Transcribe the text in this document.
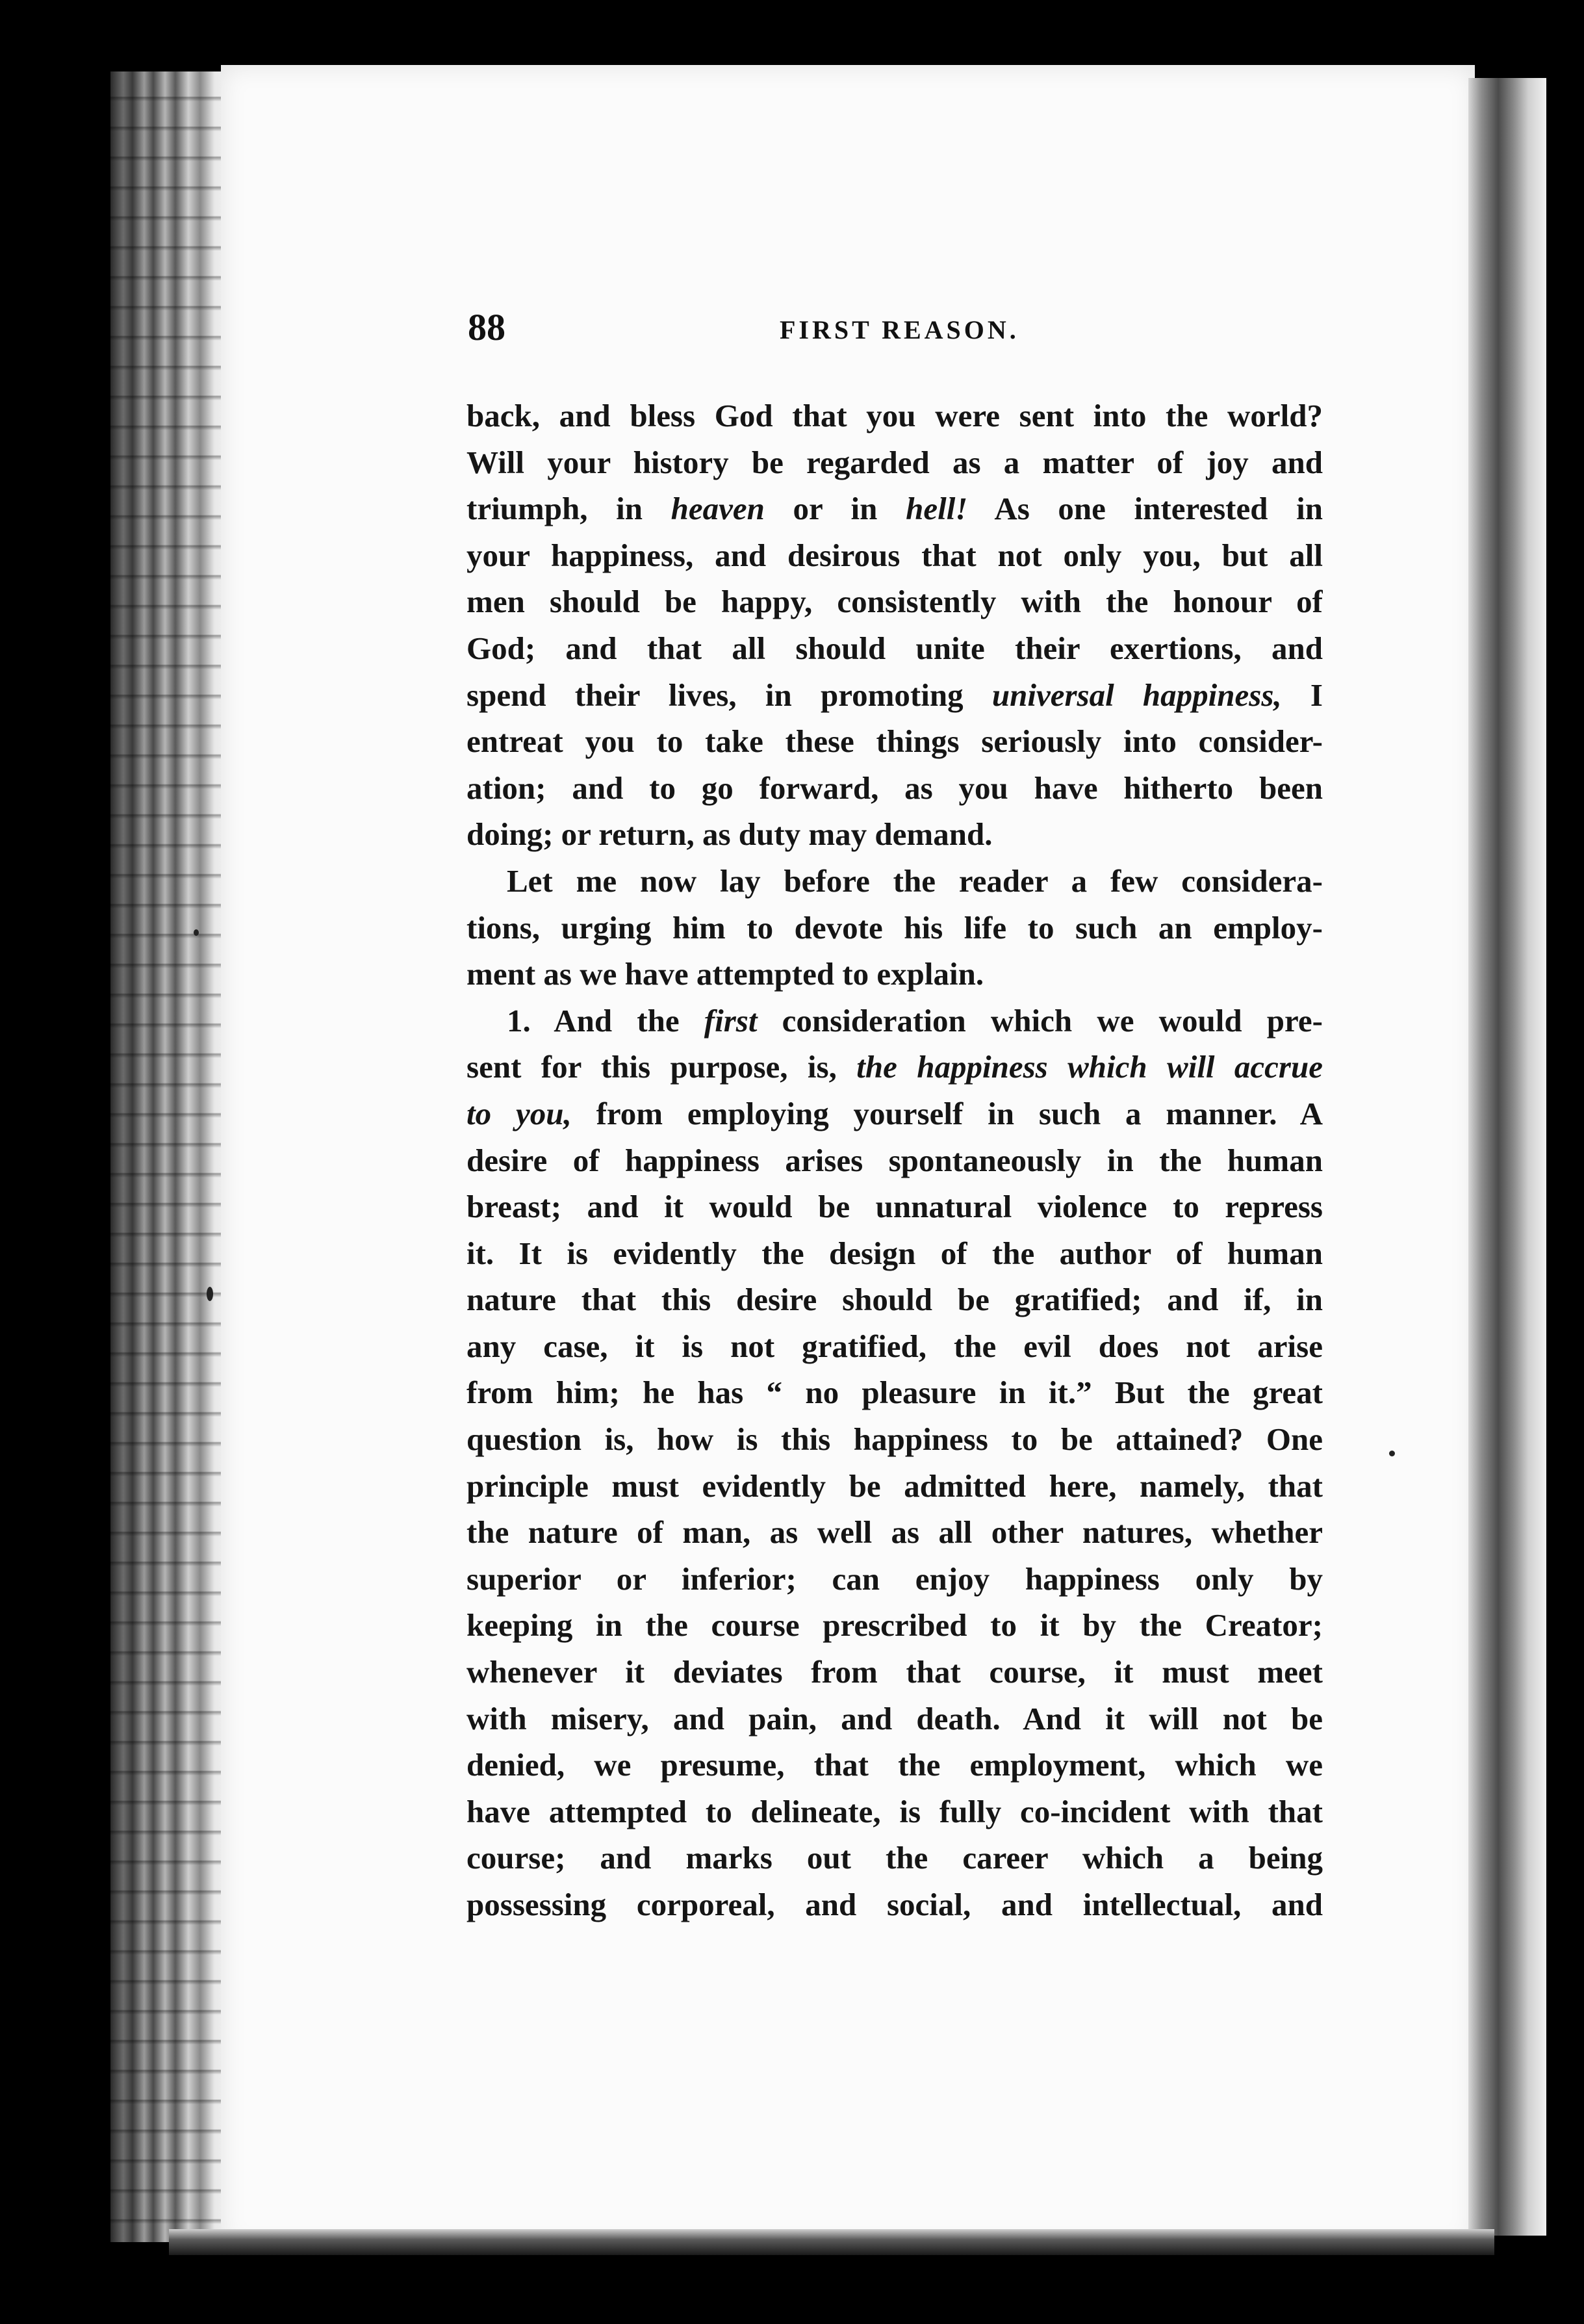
88	FIRST REASON.
back, and bless God that you were sent into the world?
Will your history be regarded as a matter of joy and
triumph, in heaven or in hell! As one interested in
your happiness, and desirous that not only you, but all
men should be happy, consistently with the honour of
God; and that all should unite their exertions, and
spend their lives, in promoting universal happiness, I
entreat you to take these things seriously into consider-
ation; and to go forward, as you have hitherto been
doing; or return, as duty may demand.
Let me now lay before the reader a few considera-
tions, urging him to devote his life to such an employ-
ment as we have attempted to explain.
1. And the first consideration which we would pre-
sent for this purpose, is, the happiness which will accrue
to you, from employing yourself in such a manner. A
desire of happiness arises spontaneously in the human
breast; and it would be unnatural violence to repress
it. It is evidently the design of the author of human
nature that this desire should be gratified; and if, in
any case, it is not gratified, the evil does not arise
from him; he has “ no pleasure in it.” But the great
question is, how is this happiness to be attained? One
principle must evidently be admitted here, namely, that
the nature of man, as well as all other natures, whether
superior or inferior; can enjoy happiness only by
keeping in the course prescribed to it by the Creator;
whenever it deviates from that course, it must meet
with misery, and pain, and death. And it will not be
denied, we presume, that the employment, which we
have attempted to delineate, is fully co-incident with that
course; and marks out the career which a being
possessing corporeal, and social, and intellectual, and
